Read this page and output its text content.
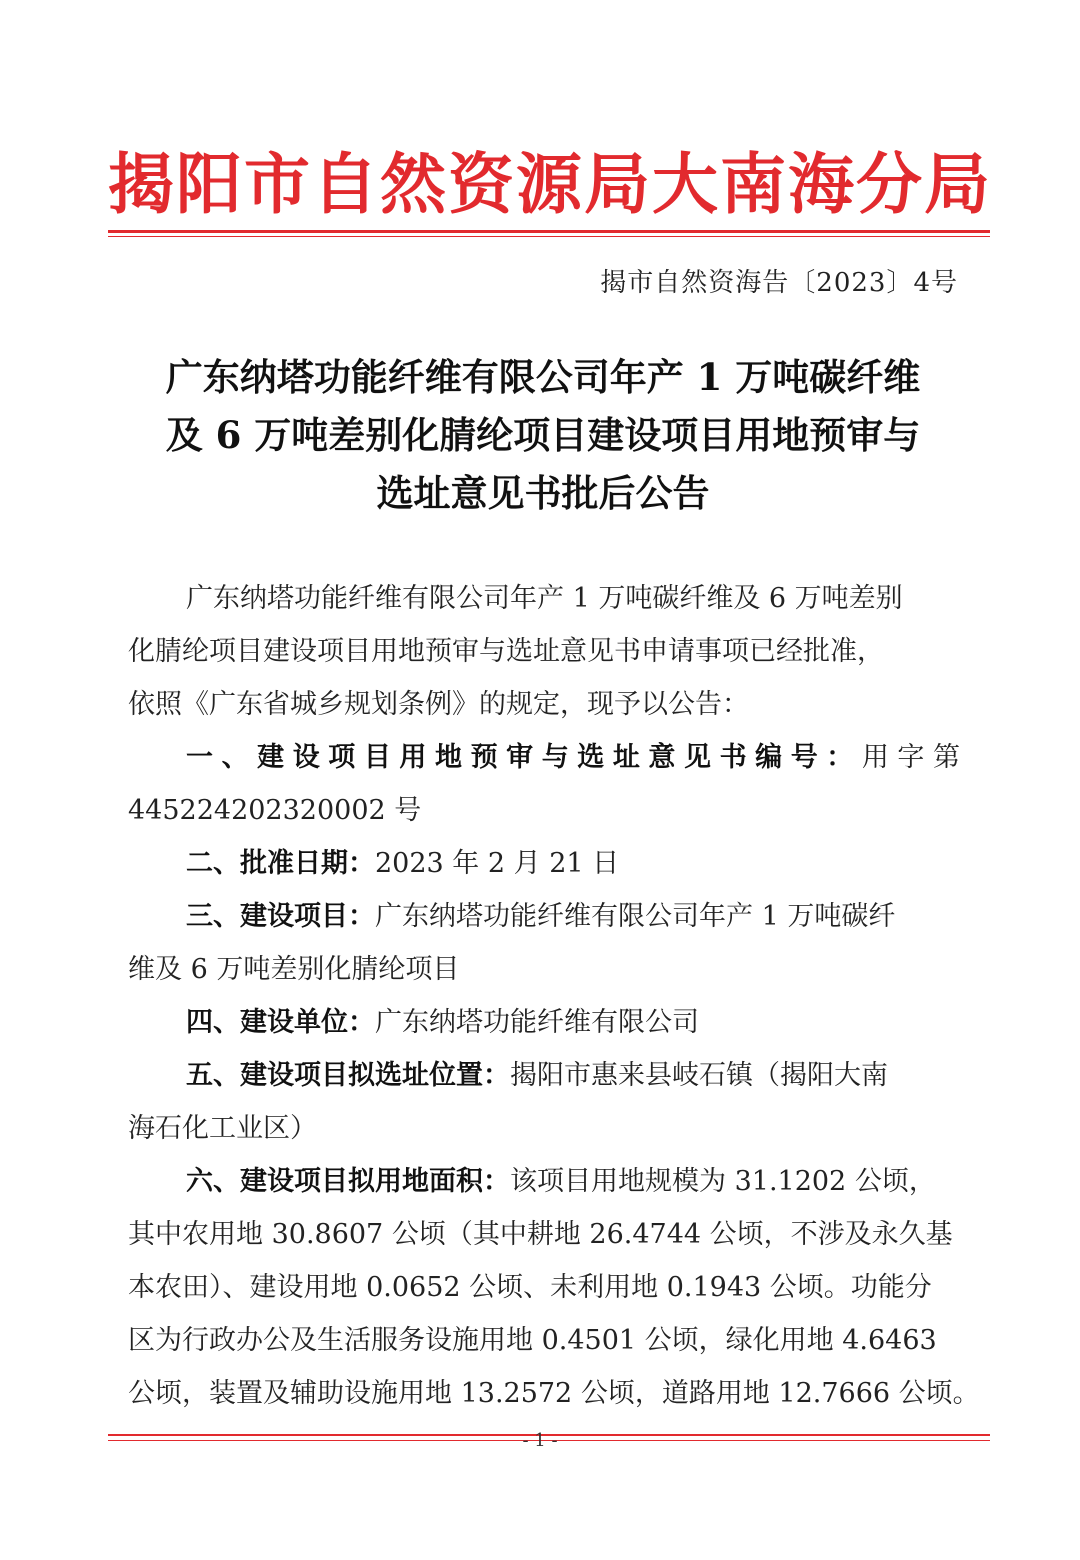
揭阳市自然资源局大南海分局
揭市自然资海告〔2023〕4号
广东纳塔功能纤维有限公司年产 1 万吨碳纤维
及 6 万吨差别化腈纶项目建设项目用地预审与
选址意见书批后公告
广东纳塔功能纤维有限公司年产 1 万吨碳纤维及 6 万吨差别
化腈纶项目建设项目用地预审与选址意见书申请事项已经批准，
依照《广东省城乡规划条例》的规定，现予以公告：
一、建设项目用地预审与选址意见书编号：用字第
445224202320002 号
二、批准日期：2023 年 2 月 21 日
三、建设项目：广东纳塔功能纤维有限公司年产 1 万吨碳纤
维及 6 万吨差别化腈纶项目
四、建设单位：广东纳塔功能纤维有限公司
五、建设项目拟选址位置：揭阳市惠来县岐石镇（揭阳大南
海石化工业区）
六、建设项目拟用地面积：该项目用地规模为 31.1202 公顷，
其中农用地 30.8607 公顷（其中耕地 26.4744 公顷，不涉及永久基
本农田）、建设用地 0.0652 公顷、未利用地 0.1943 公顷。功能分
区为行政办公及生活服务设施用地 0.4501 公顷，绿化用地 4.6463
公顷，装置及辅助设施用地 13.2572 公顷，道路用地 12.7666 公顷。
- 1 -
